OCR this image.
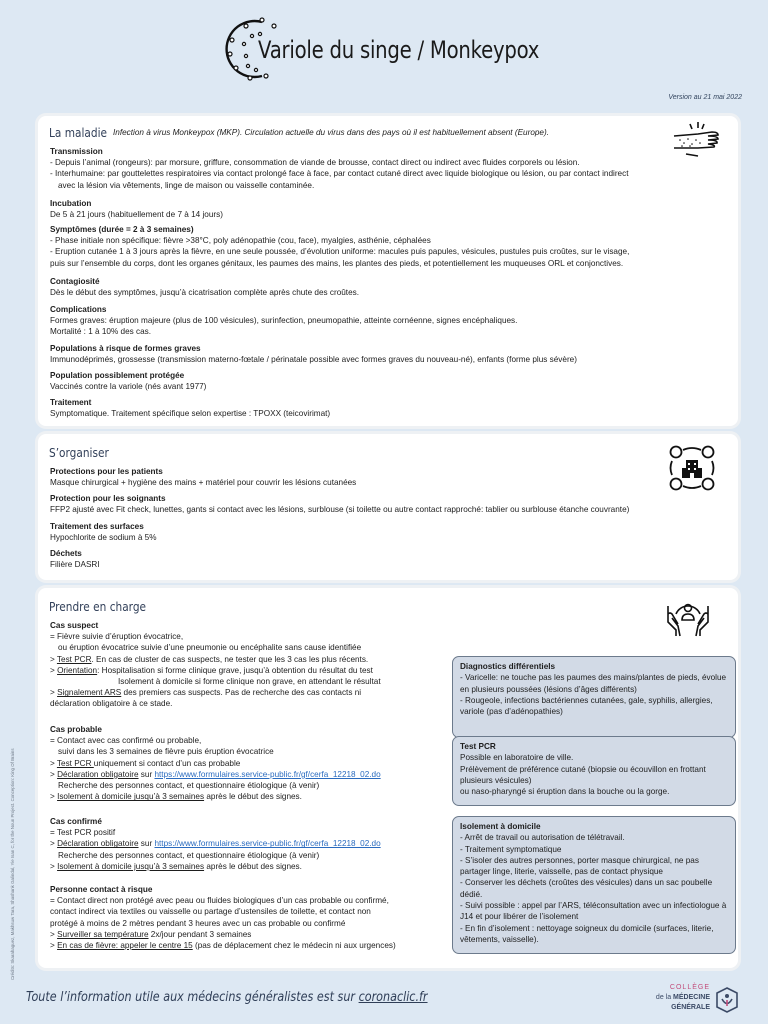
Variole du singe / Monkeypox
Version au 21 mai 2022
La maladie Infection à virus Monkeypox (MKP). Circulation actuelle du virus dans des pays où il est habituellement absent (Europe).
Transmission

- Depuis l’animal (rongeurs): par morsure, griffure, consommation de viande de brousse, contact direct ou indirect avec fluides corporels ou lésion.

- Interhumaine: par gouttelettes respiratoires via contact prolongé face à face, par contact cutané direct avec liquide biologique ou lésion, ou par contact indirect

avec la lésion via vêtements, linge de maison ou vaisselle contaminée.

Incubation

De 5 à 21 jours (habituellement de 7 à 14 jours)

Symptômes (durée = 2 à 3 semaines)

- Phase initiale non spécifique: fièvre >38°C, poly adénopathie (cou, face), myalgies, asthénie, céphalées

- Eruption cutanée 1 à 3 jours après la fièvre, en une seule poussée, d’évolution uniforme: macules puis papules, vésicules, pustules puis croûtes, sur le visage,

puis sur l’ensemble du corps, dont les organes génitaux, les paumes des mains, les plantes des pieds, et potentiellement les muqueuses ORL et conjonctives.

Contagiosité

Dès le début des symptômes, jusqu’à cicatrisation complète après chute des croûtes.

Complications

Formes graves: éruption majeure (plus de 100 vésicules), surinfection, pneumopathie, atteinte cornéenne, signes encéphaliques.

Mortalité : 1 à 10% des cas.

Populations à risque de formes graves

Immunodéprimés, grossesse (transmission materno-fœtale / périnatale possible avec formes graves du nouveau-né), enfants (forme plus sévère)

Population possiblement protégée

Vaccinés contre la variole (nés avant 1977)

Traitement

Symptomatique. Traitement spécifique selon expertise : TPOXX (teicovirimat)

S’organiser
Protections pour les patients

Masque chirurgical + hygiène des mains + matériel pour couvrir les lésions cutanées

Protection pour les soignants

FFP2 ajusté avec Fit check, lunettes, gants si contact avec les lésions, surblouse (si toilette ou autre contact rapproché: tablier ou surblouse étanche couvrante)

Traitement des surfaces

Hypochlorite de sodium à 5%

Déchets

Filière DASRI

Prendre en charge
Cas suspect

= Fièvre suivie d’éruption évocatrice,

ou éruption évocatrice suivie d’une pneumonie ou encéphalite sans cause identifiée

> Test PCR. En cas de cluster de cas suspects, ne tester que les 3 cas les plus récents.

> Orientation: Hospitalisation si forme clinique grave, jusqu’à obtention du résultat du test

Isolement à domicile si forme clinique non grave, en attendant le résultat

> Signalement ARS des premiers cas suspects. Pas de recherche des cas contacts ni

déclaration obligatoire à ce stade.

Cas probable

= Contact avec cas confirmé ou probable,

suivi dans les 3 semaines de fièvre puis éruption évocatrice

> Test PCR uniquement si contact d’un cas probable

> Déclaration obligatoire sur https://www.formulaires.service-public.fr/gf/cerfa_12218_02.do

Recherche des personnes contact, et questionnaire étiologique (à venir)

> Isolement à domicile jusqu’à 3 semaines après le début des signes.

Cas confirmé

= Test PCR positif

> Déclaration obligatoire sur https://www.formulaires.service-public.fr/gf/cerfa_12218_02.do

Recherche des personnes contact, et questionnaire étiologique (à venir)

> Isolement à domicile jusqu’à 3 semaines après le début des signes.

Personne contact à risque

= Contact direct non protégé avec peau ou fluides biologiques d’un cas probable ou confirmé,

contact indirect via textiles ou vaisselle ou partage d’ustensiles de toilette, et contact non

protégé à moins de 2 mètres pendant 3 heures avec un cas probable ou confirmé

> Surveiller sa température 2x/jour pendant 3 semaines

> En cas de fièvre: appeler le centre 15 (pas de déplacement chez le médecin ni aux urgences)

Diagnostics différentiels

- Varicelle: ne touche pas les paumes des mains/plantes de pieds, évolue en plusieurs poussées (lésions d’âges différents)

- Rougeole, infections bactériennes cutanées, gale, syphilis, allergies, variole (pas d’adénopathies)

Test PCR

Possible en laboratoire de ville.

Prélèvement de préférence cutané (biopsie ou écouvillon en frottant plusieurs vésicules)

ou naso-pharyngé si éruption dans la bouche ou la gorge.

Isolement à domicile

- Arrêt de travail ou autorisation de télétravail.

- Traitement symptomatique

- S’isoler des autres personnes, porter masque chirurgical, ne pas partager linge, literie, vaisselle, pas de contact physique

- Conserver les déchets (croûtes des vésicules) dans un sac poubelle dédié.

- Suivi possible : appel par l’ARS, téléconsultation avec un infectiologue à J14 et pour libérer de l’isolement

- En fin d’isolement : nettoyage soigneux du domicile (surfaces, literie, vêtements, vaisselle).

Crédits: Skarahaguez, Makhsuw Tara, Shashank Galindal, Yie Isan C, for the Noun Project. Conception: King Of Brains
Toute l’information utile aux médecins généralistes est sur coronaclic.fr
COLLÈGE
de la MÉDECINE
GÉNÉRALE
